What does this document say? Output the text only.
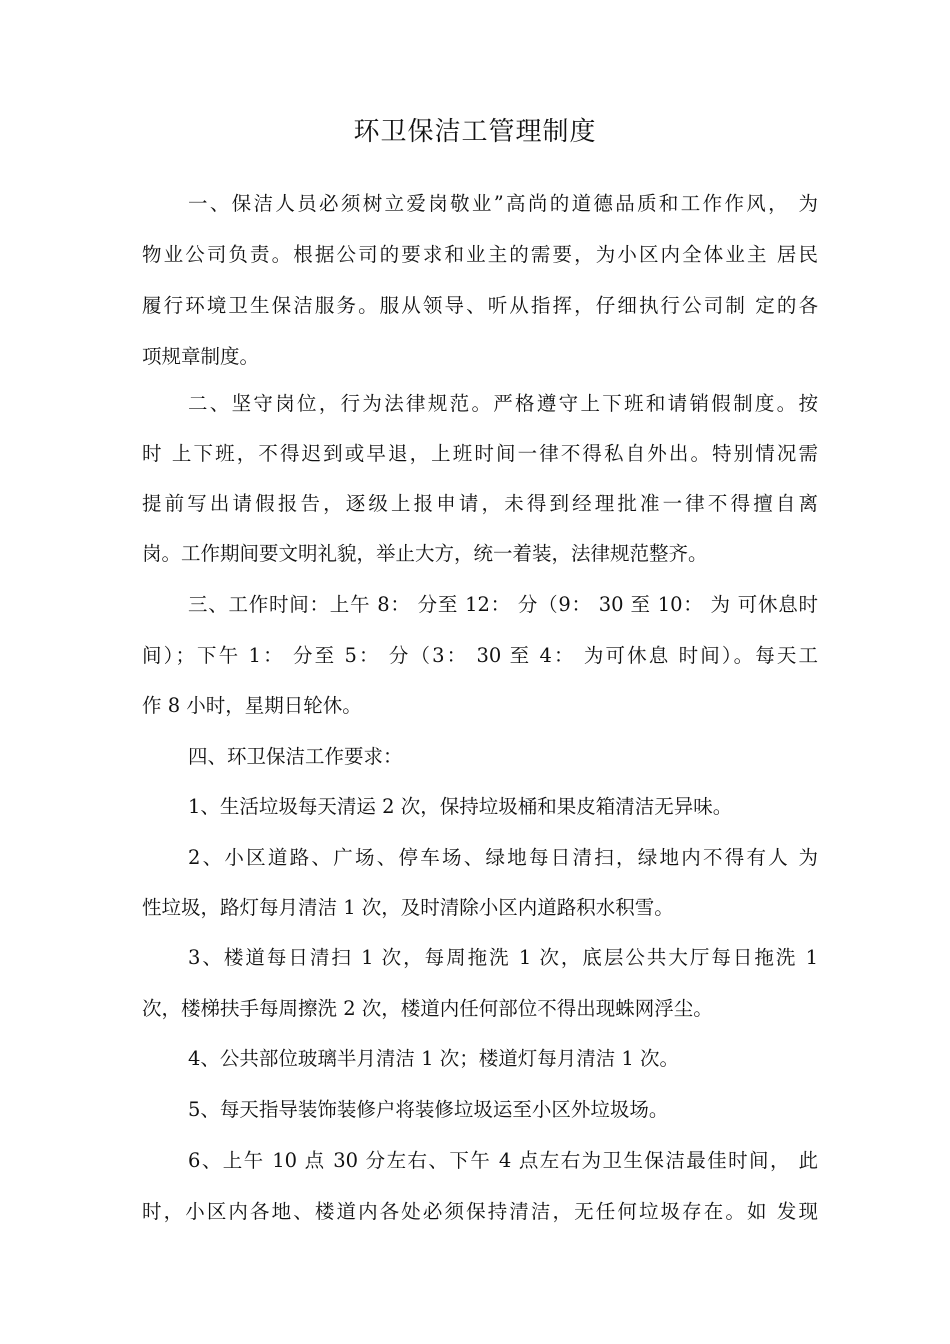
环卫保洁工管理制度
一、保洁人员必须树立爱岗敬业”高尚的道德品质和工作作风， 为
物业公司负责。根据公司的要求和业主的需要，为小区内全体业主 居民
履行环境卫生保洁服务。服从领导、听从指挥，仔细执行公司制 定的各
项规章制度。
二、坚守岗位，行为法律规范。严格遵守上下班和请销假制度。按
时 上下班，不得迟到或早退，上班时间一律不得私自外出。特别情况需
提前写出请假报告，逐级上报申请，未得到经理批准一律不得擅自离
岗。工作期间要文明礼貌，举止大方，统一着装，法律规范整齐。
三、工作时间：上午 8： 分至 12： 分（9： 30 至 10： 为 可休息时
间）；下午 1： 分至 5： 分（3： 30 至 4： 为可休息 时间）。每天工
作 8 小时，星期日轮休。
四、环卫保洁工作要求：
1、生活垃圾每天清运 2 次，保持垃圾桶和果皮箱清洁无异味。
2、小区道路、广场、停车场、绿地每日清扫，绿地内不得有人 为
性垃圾，路灯每月清洁 1 次，及时清除小区内道路积水积雪。
3、楼道每日清扫 1 次，每周拖洗 1 次，底层公共大厅每日拖洗 1
次，楼梯扶手每周擦洗 2 次，楼道内任何部位不得出现蛛网浮尘。
4、公共部位玻璃半月清洁 1 次；楼道灯每月清洁 1 次。
5、每天指导装饰装修户将装修垃圾运至小区外垃圾场。
6、上午 10 点 30 分左右、下午 4 点左右为卫生保洁最佳时间， 此
时，小区内各地、楼道内各处必须保持清洁，无任何垃圾存在。如 发现
